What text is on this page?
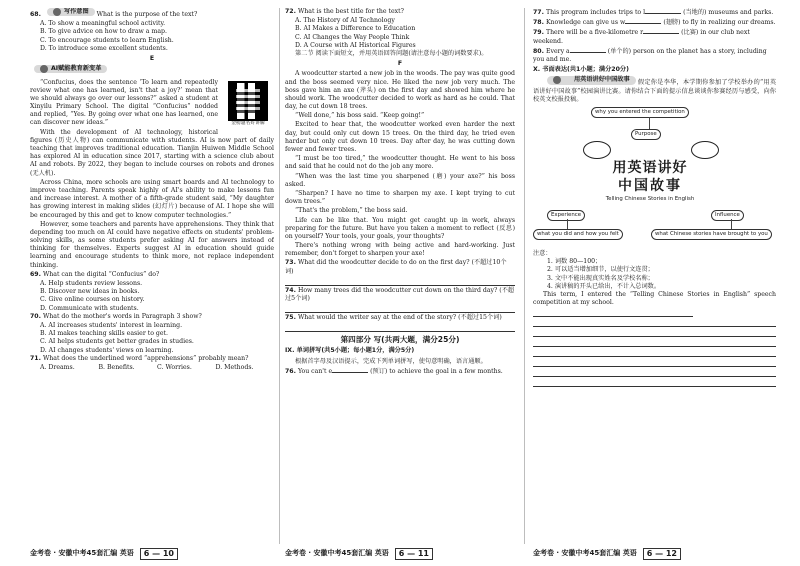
68.	写作意图 What is the purpose of the text?
A. To show a meaningful school activity.
B. To give advice on how to draw a map.
C. To encourage students to learn English.
D. To introduce some excellent students.
E
AI赋能教育新变革
金榜题名好讲解

“Confucius, does the sentence ‘To learn and repeatedly review what one has learned, isn't that a joy?’ mean that we should always go over our lessons?” asked a student at Xinyilu Primary School. The digital “Confucius” nodded and replied, “Yes. By going over what one has learned, one can discover new ideas.”

With the development of AI technology, historical figures (历史人物) can communicate with students. AI is now part of daily teaching that improves traditional education. Tianjin Huiwen Middle School has explored AI in education since 2017, starting with a science club about AI and robots. By 2022, they began to include courses on robots and drones (无人机).

Across China, more schools are using smart boards and AI technology to improve teaching. Parents speak highly of AI's ability to make lessons fun and increase interest. A mother of a fifth-grade student said, “My daughter has growing interest in making slides (幻灯片) because of AI. I hope she will be encouraged by this and get to know computer technologies.”

However, some teachers and parents have apprehensions. They think that depending too much on AI could have negative effects on students' problem-solving skills, as some students prefer asking AI for answers instead of thinking for themselves. Experts suggest AI in education should guide learning and encourage students to think more, not replace independent thinking.

69. What can the digital “Confucius” do?
A. Help students review lessons.
B. Discover new ideas in books.
C. Give online courses on history.
D. Communicate with students.
70. What do the mother's words in Paragraph 3 show?
A. AI increases students' interest in learning.
B. AI makes teaching skills easier to get.
C. AI helps students get better grades in studies.
D. AI changes students' views on learning.
71. What does the underlined word “apprehensions” probably mean?
A. Dreams.	B. Benefits.	C. Worries.	D. Methods.
72. What is the best title for the text?
A. The History of AI Technology
B. AI Makes a Difference to Education
C. AI Changes the Way People Think
D. A Course with AI Historical Figures

第二节 阅读下面短文，并用英语回答问题(请注意每小题的词数要求)。

F

A woodcutter started a new job in the woods. The pay was quite good and the boss seemed very nice. He liked the new job very much. The boss gave him an axe (斧头) on the first day and showed him where he should work. The woodcutter decided to work as hard as he could. That day, he cut down 18 trees.

“Well done,” his boss said. “Keep going!”

Excited to hear that, the woodcutter worked even harder the next day, but could only cut down 15 trees. On the third day, he tried even harder but only cut down 10 trees. Day after day, he was cutting down fewer and fewer trees.

“I must be too tired,” the woodcutter thought. He went to his boss and said that he could not do the job any more.

“When was the last time you sharpened (磨) your axe?” his boss asked.

“Sharpen? I have no time to sharpen my axe. I kept trying to cut down trees.”

“That's the problem,” the boss said.

Life can be like that. You might get caught up in work, always preparing for the future. But have you taken a moment to reflect (反思) on yourself? Your tools, your goals, your thoughts?

There's nothing wrong with being active and hard-working. Just remember, don't forget to sharpen your axe!

73. What did the woodcutter decide to do on the first day? (不超过10个词)
74. How many trees did the woodcutter cut down on the third day? (不超过5个词)
75. What would the writer say at the end of the story? (不超过15个词)
第四部分 写(共两大题，满分25分)
IX. 单词拼写(共5小题；每小题1分，满分5分)

根据首字母及汉语提示，完成下列单词拼写，使句意明确，语言通顺。

76. You can't e	(预订) to achieve the goal in a few months.
77. This program includes trips to l	(当地的) museums and parks.
78. Knowledge can give us w	(翅膀) to fly in realizing our dreams.
79. There will be a five-kilometre r	(比赛) in our club next weekend.
80. Every a	(单个的) person on the planet has a story, including you and me.
X. 书面表达(共1小题；满分20分)

用英语讲好中国故事 假定你是李华，本学期你参加了学校举办的“用英语讲好中国故事”校园演讲比赛。请你结合下面的提示信息谈谈你参赛经历与感受，向你校英文校报投稿。

why you entered the competition
Purpose
用英语讲好
中国故事
Telling Chinese Stories in English
Experience	Influence
what you did and how you felt	what Chinese stories have brought to you
注意：
1. 词数 80—100；
2. 可以适当增加细节，以使行文连贯；
3. 文中不能出现真实姓名及学校名称；
4. 演讲稿的开头已给出，不计入总词数。

This term, I entered the “Telling Chinese Stories in English” speech competition at my school.

金考卷 · 安徽中考45套汇编 英语	6 — 10	金考卷 · 安徽中考45套汇编 英语	6 — 11	金考卷 · 安徽中考45套汇编 英语	6 — 12
